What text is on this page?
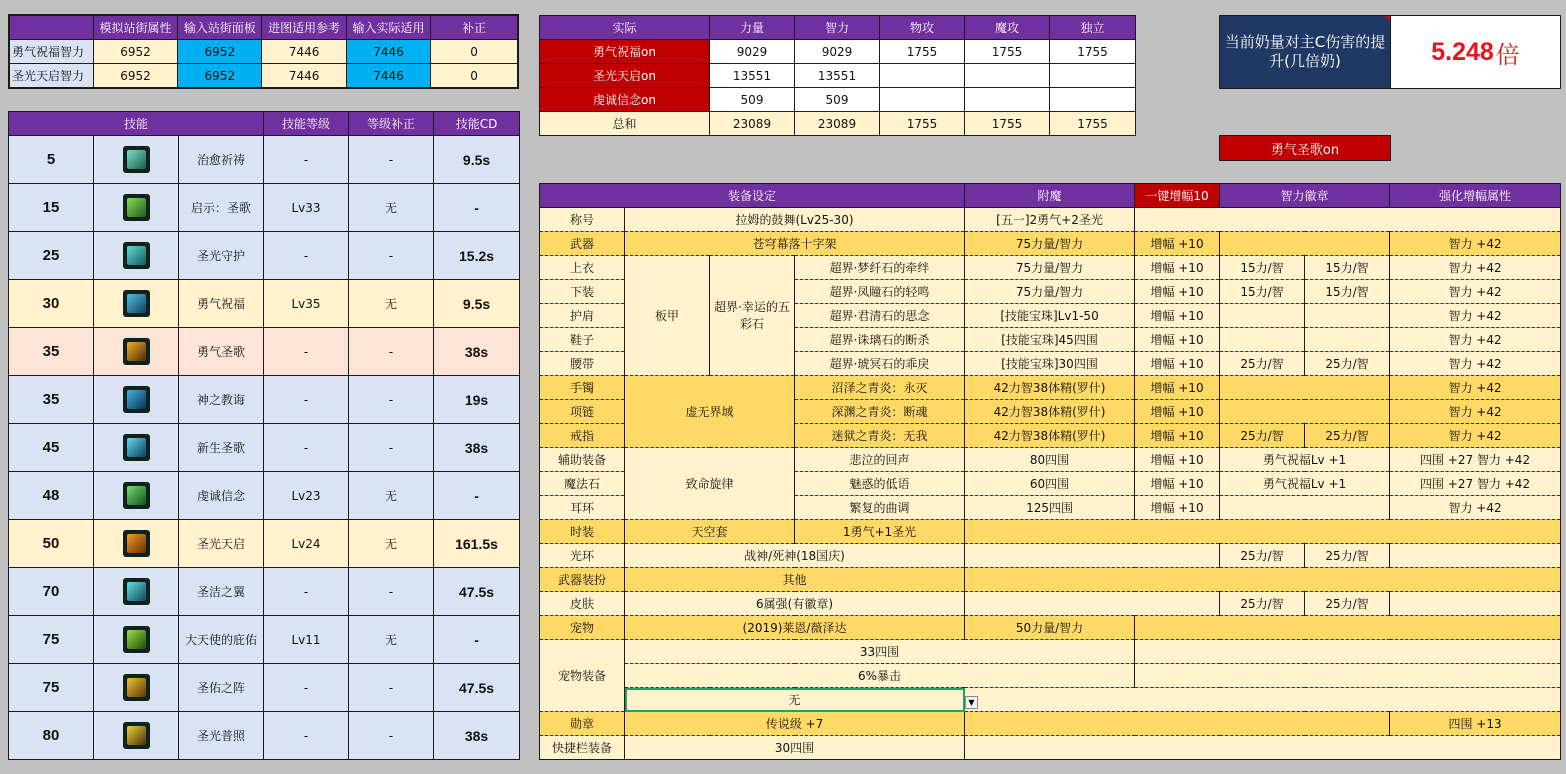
	模拟站街属性	输入站街面板	进图适用参考	输入实际适用	补正
勇气祝福智力	6952	6952	7446	7446	0
圣光天启智力	6952	6952	7446	7446	0
实际	力量	智力	物攻	魔攻	独立
勇气祝福on	9029	9029	1755	1755	1755
圣光天启on	13551	13551			
虔诚信念on	509	509			
总和	23089	23089	1755	1755	1755
当前奶量对主C伤害的提升(几倍奶)	5.248 倍
勇气圣歌on
技能			技能等级	等级补正	技能CD
5		治愈祈祷	-	-	9.5s
15		启示：圣歌	Lv33	无	-
25		圣光守护	-	-	15.2s
30		勇气祝福	Lv35	无	9.5s
35		勇气圣歌	-	-	38s
35		神之教诲	-	-	19s
45		新生圣歌	-	-	38s
48		虔诚信念	Lv23	无	-
50		圣光天启	Lv24	无	161.5s
70		圣洁之翼	-	-	47.5s
75		大天使的庇佑	Lv11	无	-
75		圣佑之阵	-	-	47.5s
80		圣光普照	-	-	38s
装备设定				附魔	一键增幅10	智力徽章		强化增幅属性
称号	拉姆的鼓舞(Lv25-30)			[五一]2勇气+2圣光				
武器	苍穹幕落十字架			75力量/智力	增幅 +10			智力 +42
上衣	板甲	超界·幸运的五彩石	超界·梦纤石的牵绊	75力量/智力	增幅 +10	15力/智	15力/智	智力 +42
下装			超界·凤瞳石的轻鸣	75力量/智力	增幅 +10	15力/智	15力/智	智力 +42
护肩			超界·君清石的思念	[技能宝珠]Lv1-50	增幅 +10			智力 +42
鞋子			超界·诛璃石的断杀	[技能宝珠]45四围	增幅 +10			智力 +42
腰带			超界·琥冥石的乖戾	[技能宝珠]30四围	增幅 +10	25力/智	25力/智	智力 +42
手镯	虚无界域		沼泽之青炎：永灭	42力智38体精(罗什)	增幅 +10			智力 +42
项链			深渊之青炎：断魂	42力智38体精(罗什)	增幅 +10			智力 +42
戒指			迷狱之青炎：无我	42力智38体精(罗什)	增幅 +10	25力/智	25力/智	智力 +42
辅助装备	致命旋律		悲泣的回声	80四围	增幅 +10	勇气祝福Lv +1		四围 +27 智力 +42
魔法石			魅惑的低语	60四围	增幅 +10	勇气祝福Lv +1		四围 +27 智力 +42
耳环			繁复的曲调	125四围	增幅 +10			智力 +42
时装	天空套		1勇气+1圣光					
光环	战神/死神(18国庆)					25力/智	25力/智	
武器装扮	其他							
皮肤	6属强(有徽章)					25力/智	25力/智	
宠物	(2019)莱恩/薇泽达			50力量/智力				
宠物装备	33四围							
	6%暴击							
	无							
勋章	传说级 +7							四围 +13
快捷栏装备	30四围							
▼
